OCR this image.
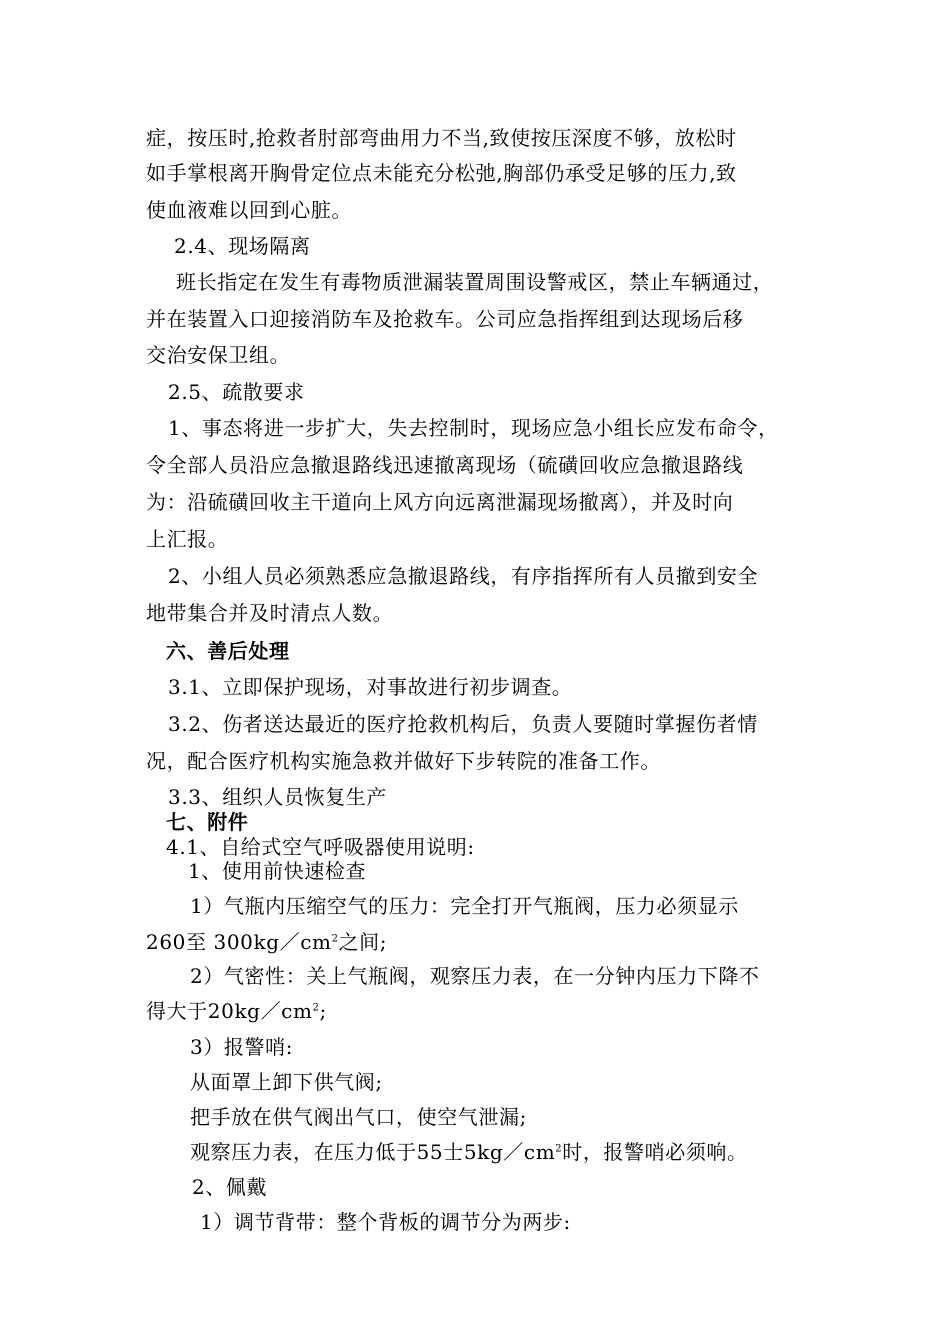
症，按压时,抢救者肘部弯曲用力不当,致使按压深度不够，放松时
如手掌根离开胸骨定位点未能充分松弛,胸部仍承受足够的压力,致
使血液难以回到心脏。
2.4、现场隔离
班长指定在发生有毒物质泄漏装置周围设警戒区，禁止车辆通过，
并在装置入口迎接消防车及抢救车。公司应急指挥组到达现场后移
交治安保卫组。
2.5、疏散要求
1、事态将进一步扩大，失去控制时，现场应急小组长应发布命令，
令全部人员沿应急撤退路线迅速撤离现场（硫磺回收应急撤退路线
为：沿硫磺回收主干道向上风方向远离泄漏现场撤离），并及时向
上汇报。
2、小组人员必须熟悉应急撤退路线，有序指挥所有人员撤到安全
地带集合并及时清点人数。
六、善后处理
3.1、立即保护现场，对事故进行初步调查。
3.2、伤者送达最近的医疗抢救机构后，负责人要随时掌握伤者情
况，配合医疗机构实施急救并做好下步转院的准备工作。
3.3、组织人员恢复生产
七、附件
4.1、自给式空气呼吸器使用说明:
1、使用前快速检查
1）气瓶内压缩空气的压力：完全打开气瓶阀，压力必须显示
260至 $300kg/cm^2$之间;
2）气密性：关上气瓶阀，观察压力表，在一分钟内压力下降不
得大于$20kg/cm^2$;
3）报警哨:
从面罩上卸下供气阀;
把手放在供气阀出气口，使空气泄漏;
观察压力表，在压力低于55士$5kg/cm^2$时，报警哨必须响。
2、佩戴
1）调节背带：整个背板的调节分为两步:
